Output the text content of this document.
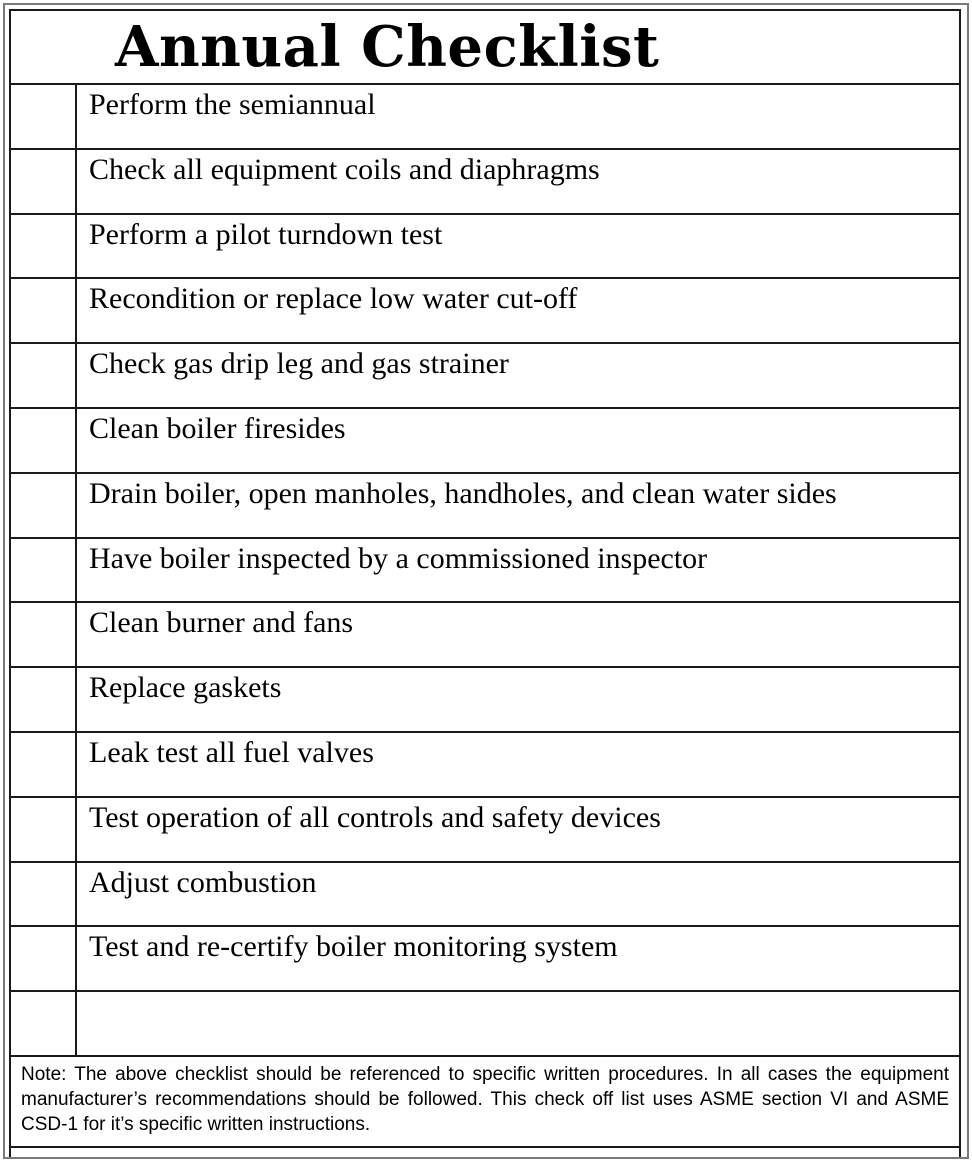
Annual Checklist
Perform the semiannual
Check all equipment coils and diaphragms
Perform a pilot turndown test
Recondition or replace low water cut-off
Check gas drip leg and gas strainer
Clean boiler firesides
Drain boiler, open manholes, handholes, and clean water sides
Have boiler inspected by a commissioned inspector
Clean burner and fans
Replace gaskets
Leak test all fuel valves
Test operation of all controls and safety devices
Adjust combustion
Test and re-certify boiler monitoring system
Note: The above checklist should be referenced to specific written procedures. In all cases the equipment manufacturer’s recommendations should be followed. This check off list uses ASME section VI and ASME CSD-1 for it’s specific written instructions.
